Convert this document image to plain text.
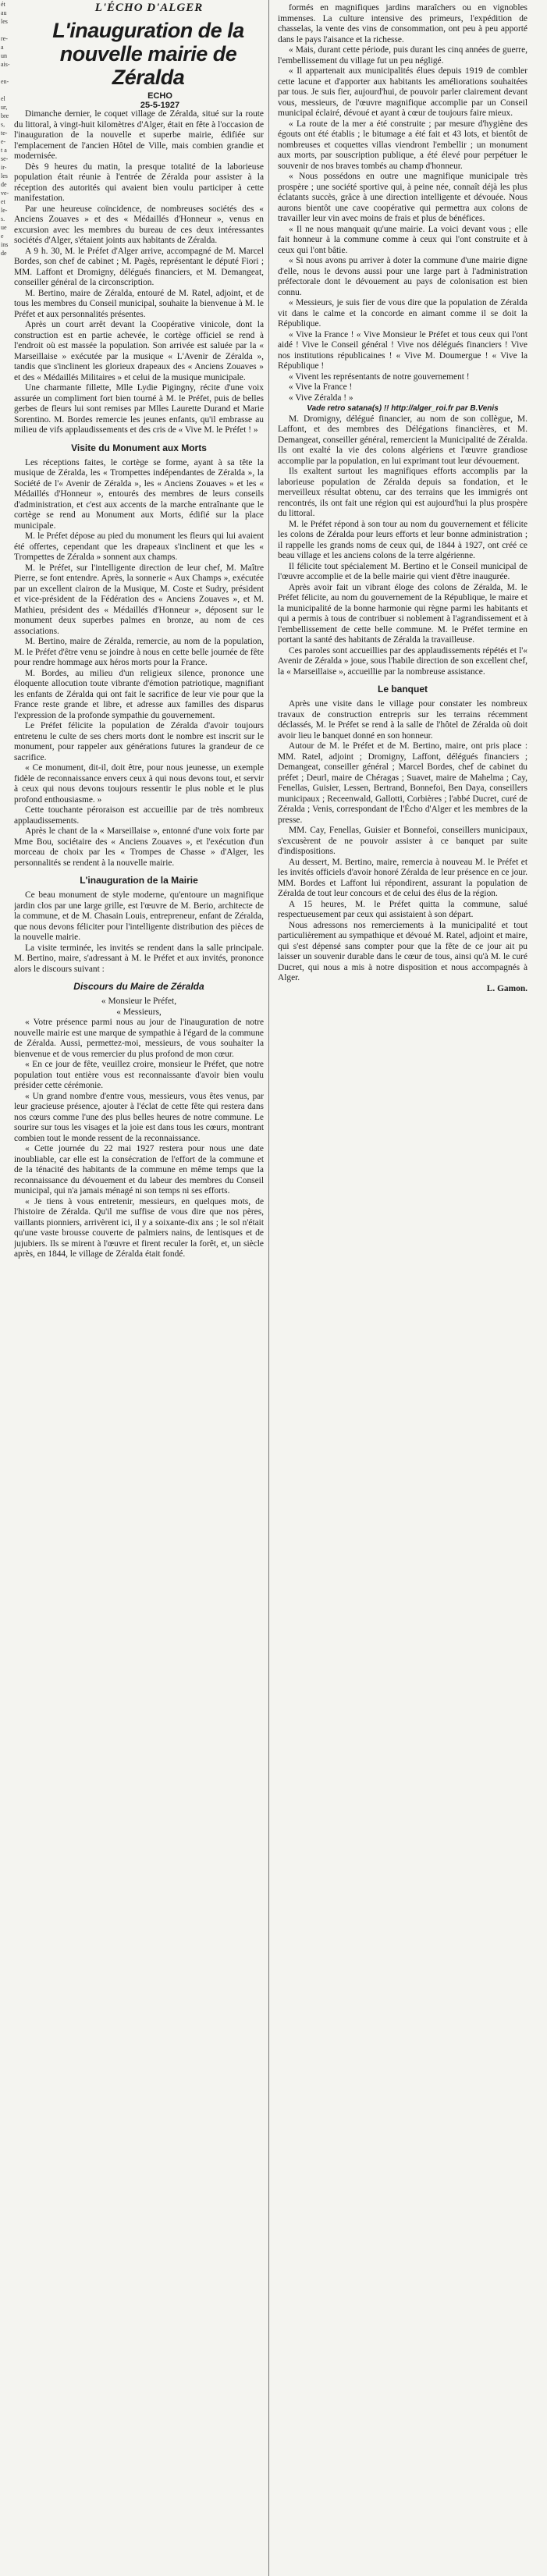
ét
au
les

re-
a
un
ais-

en-

el
ur,
bre
s,
te-
e-
t a
se-
ir-
les
de
ve-
et
le-
s.
ue
e
ins
de
L'ÉCHO D'ALGER
L'inauguration de la nouvelle mairie de Zéralda
ECHO
25-5-1927

Dimanche dernier, le coquet village de Zéralda, situé sur la route du littoral, à vingt-huit kilomètres d'Alger, était en fête à l'occasion de l'inauguration de la nouvelle et superbe mairie, édifiée sur l'emplacement de l'ancien Hôtel de Ville, mais combien grandie et modernisée.

Dès 9 heures du matin, la presque totalité de la laborieuse population était réunie à l'entrée de Zéralda pour assister à la réception des autorités qui avaient bien voulu participer à cette manifestation.

Par une heureuse coïncidence, de nombreuses sociétés des « Anciens Zouaves » et des « Médaillés d'Honneur », venus en excursion avec les membres du bureau de ces deux intéressantes sociétés d'Alger, s'étaient joints aux habitants de Zéralda.

A 9 h. 30, M. le Préfet d'Alger arrive, accompagné de M. Marcel Bordes, son chef de cabinet ; M. Pagès, représentant le député Fiori ; MM. Laffont et Dromigny, délégués financiers, et M. Demangeat, conseiller général de la circonscription.

M. Bertino, maire de Zéralda, entouré de M. Ratel, adjoint, et de tous les membres du Conseil municipal, souhaite la bienvenue à M. le Préfet et aux personnalités présentes.

Après un court arrêt devant la Coopérative vinicole, dont la construction est en partie achevée, le cortège officiel se rend à l'endroit où est massée la population. Son arrivée est saluée par la « Marseillaise » exécutée par la musique « L'Avenir de Zéralda », tandis que s'inclinent les glorieux drapeaux des « Anciens Zouaves » et des « Médaillés Militaires » et celui de la musique municipale.

Une charmante fillette, Mlle Lydie Pigingny, récite d'une voix assurée un compliment fort bien tourné à M. le Préfet, puis de belles gerbes de fleurs lui sont remises par Mlles Laurette Durand et Marie Sorentino. M. Bordes remercie les jeunes enfants, qu'il embrasse au milieu de vifs applaudissements et des cris de « Vive M. le Préfet ! »

Visite du Monument aux Morts

Les réceptions faites, le cortège se forme, ayant à sa tête la musique de Zéralda, les « Trompettes indépendantes de Zéralda », la Société de l'« Avenir de Zéralda », les « Anciens Zouaves » et les « Médaillés d'Honneur », entourés des membres de leurs conseils d'administration, et c'est aux accents de la marche entraînante que le cortège se rend au Monument aux Morts, édifié sur la place municipale.

M. le Préfet dépose au pied du monument les fleurs qui lui avaient été offertes, cependant que les drapeaux s'inclinent et que les « Trompettes de Zéralda » sonnent aux champs.

M. le Préfet, sur l'intelligente direction de leur chef, M. Maître Pierre, se font entendre. Après, la sonnerie « Aux Champs », exécutée par un excellent clairon de la Musique, M. Coste et Sudry, président et vice-président de la Fédération des « Anciens Zouaves », et M. Mathieu, président des « Médaillés d'Honneur », déposent sur le monument deux superbes palmes en bronze, au nom de ces associations.

M. Bertino, maire de Zéralda, remercie, au nom de la population, M. le Préfet d'être venu se joindre à nous en cette belle journée de fête pour rendre hommage aux héros morts pour la France.

M. Bordes, au milieu d'un religieux silence, prononce une éloquente allocution toute vibrante d'émotion patriotique, magnifiant les enfants de Zéralda qui ont fait le sacrifice de leur vie pour que la France reste grande et libre, et adresse aux familles des disparus l'expression de la profonde sympathie du gouvernement.

Le Préfet félicite la population de Zéralda d'avoir toujours entretenu le culte de ses chers morts dont le nombre est inscrit sur le monument, pour rappeler aux générations futures la grandeur de ce sacrifice.

« Ce monument, dit-il, doit être, pour nous jeunesse, un exemple fidèle de reconnaissance envers ceux à qui nous devons tout, et servir à ceux qui nous devons toujours ressentir le plus noble et le plus profond enthousiasme. »

Cette touchante péroraison est accueillie par de très nombreux applaudissements.

Après le chant de la « Marseillaise », entonné d'une voix forte par Mme Bou, sociétaire des « Anciens Zouaves », et l'exécution d'un morceau de choix par les « Trompes de Chasse » d'Alger, les personnalités se rendent à la nouvelle mairie.

L'inauguration de la Mairie

Ce beau monument de style moderne, qu'entoure un magnifique jardin clos par une large grille, est l'œuvre de M. Berio, architecte de la commune, et de M. Chasain Louis, entrepreneur, enfant de Zéralda, que nous devons féliciter pour l'intelligente distribution des pièces de la nouvelle mairie.

La visite terminée, les invités se rendent dans la salle principale. M. Bertino, maire, s'adressant à M. le Préfet et aux invités, prononce alors le discours suivant :

Discours du Maire de Zéralda

« Monsieur le Préfet,

« Messieurs,

« Votre présence parmi nous au jour de l'inauguration de notre nouvelle mairie est une marque de sympathie à l'égard de la commune de Zéralda. Aussi, permettez-moi, messieurs, de vous souhaiter la bienvenue et de vous remercier du plus profond de mon cœur.

« En ce jour de fête, veuillez croire, monsieur le Préfet, que notre population tout entière vous est reconnaissante d'avoir bien voulu présider cette cérémonie.

« Un grand nombre d'entre vous, messieurs, vous êtes venus, par leur gracieuse présence, ajouter à l'éclat de cette fête qui restera dans nos cœurs comme l'une des plus belles heures de notre commune. Le sourire sur tous les visages et la joie est dans tous les cœurs, montrant combien tout le monde ressent de la reconnaissance.

« Cette journée du 22 mai 1927 restera pour nous une date inoubliable, car elle est la consécration de l'effort de la commune et de la ténacité des habitants de la commune en même temps que la reconnaissance du dévouement et du labeur des membres du Conseil municipal, qui n'a jamais ménagé ni son temps ni ses efforts.

« Je tiens à vous entretenir, messieurs, en quelques mots, de l'histoire de Zéralda. Qu'il me suffise de vous dire que nos pères, vaillants pionniers, arrivèrent ici, il y a soixante-dix ans ; le sol n'était qu'une vaste brousse couverte de palmiers nains, de lentisques et de jujubiers. Ils se mirent à l'œuvre et firent reculer la forêt, et, un siècle après, en 1844, le village de Zéralda était fondé.

formés en magnifiques jardins maraîchers ou en vignobles immenses. La culture intensive des primeurs, l'expédition de chasselas, la vente des vins de consommation, ont peu à peu apporté dans le pays l'aisance et la richesse.

« Mais, durant cette période, puis durant les cinq années de guerre, l'embellissement du village fut un peu négligé.

« Il appartenait aux municipalités élues depuis 1919 de combler cette lacune et d'apporter aux habitants les améliorations souhaitées par tous. Je suis fier, aujourd'hui, de pouvoir parler clairement devant vous, messieurs, de l'œuvre magnifique accomplie par un Conseil municipal éclairé, dévoué et ayant à cœur de toujours faire mieux.

« La route de la mer a été construite ; par mesure d'hygiène des égouts ont été établis ; le bitumage a été fait et 43 lots, et bientôt de nombreuses et coquettes villas viendront l'embellir ; un monument aux morts, par souscription publique, a été élevé pour perpétuer le souvenir de nos braves tombés au champ d'honneur.

« Nous possédons en outre une magnifique municipale très prospère ; une société sportive qui, à peine née, connaît déjà les plus éclatants succès, grâce à une direction intelligente et dévouée. Nous aurons bientôt une cave coopérative qui permettra aux colons de travailler leur vin avec moins de frais et plus de bénéfices.

« Il ne nous manquait qu'une mairie. La voici devant vous ; elle fait honneur à la commune comme à ceux qui l'ont construite et à ceux qui l'ont bâtie.

« Si nous avons pu arriver à doter la commune d'une mairie digne d'elle, nous le devons aussi pour une large part à l'administration préfectorale dont le dévouement au pays de colonisation est bien connu.

« Messieurs, je suis fier de vous dire que la population de Zéralda vit dans le calme et la concorde en aimant comme il se doit la République.

« Vive la France ! « Vive Monsieur le Préfet et tous ceux qui l'ont aidé ! Vive le Conseil général ! Vive nos délégués financiers ! Vive nos institutions républicaines ! « Vive M. Doumergue ! « Vive la République !

« Vivent les représentants de notre gouvernement !

« Vive la France !

« Vive Zéralda ! »

Vade retro satana(s) !! http://alger_roi.fr par B.Venis

M. Dromigny, délégué financier, au nom de son collègue, M. Laffont, et des membres des Délégations financières, et M. Demangeat, conseiller général, remercient la Municipalité de Zéralda. Ils ont exalté la vie des colons algériens et l'œuvre grandiose accomplie par la population, en lui exprimant tout leur dévouement.

Ils exaltent surtout les magnifiques efforts accomplis par la laborieuse population de Zéralda depuis sa fondation, et le merveilleux résultat obtenu, car des terrains que les immigrés ont rencontrés, ils ont fait une région qui est aujourd'hui la plus prospère du littoral.

M. le Préfet répond à son tour au nom du gouvernement et félicite les colons de Zéralda pour leurs efforts et leur bonne administration ; il rappelle les grands noms de ceux qui, de 1844 à 1927, ont créé ce beau village et les anciens colons de la terre algérienne.

Il félicite tout spécialement M. Bertino et le Conseil municipal de l'œuvre accomplie et de la belle mairie qui vient d'être inaugurée.

Après avoir fait un vibrant éloge des colons de Zéralda, M. le Préfet félicite, au nom du gouvernement de la République, le maire et la municipalité de la bonne harmonie qui règne parmi les habitants et qui a permis à tous de contribuer si noblement à l'agrandissement et à l'embellissement de cette belle commune. M. le Préfet termine en portant la santé des habitants de Zéralda la travailleuse.

Ces paroles sont accueillies par des applaudissements répétés et l'« Avenir de Zéralda » joue, sous l'habile direction de son excellent chef, la « Marseillaise », accueillie par la nombreuse assistance.

Le banquet

Après une visite dans le village pour constater les nombreux travaux de construction entrepris sur les terrains récemment déclassés, M. le Préfet se rend à la salle de l'hôtel de Zéralda où doit avoir lieu le banquet donné en son honneur.

Autour de M. le Préfet et de M. Bertino, maire, ont pris place : MM. Ratel, adjoint ; Dromigny, Laffont, délégués financiers ; Demangeat, conseiller général ; Marcel Bordes, chef de cabinet du préfet ; Deurl, maire de Chéragas ; Suavet, maire de Mahelma ; Cay, Fenellas, Guisier, Lessen, Bertrand, Bonnefoi, Ben Daya, conseillers municipaux ; Receenwald, Gallotti, Corbières ; l'abbé Ducret, curé de Zéralda ; Venis, correspondant de l'Écho d'Alger et les membres de la presse.

MM. Cay, Fenellas, Guisier et Bonnefoi, conseillers municipaux, s'excusèrent de ne pouvoir assister à ce banquet par suite d'indispositions.

Au dessert, M. Bertino, maire, remercia à nouveau M. le Préfet et les invités officiels d'avoir honoré Zéralda de leur présence en ce jour. MM. Bordes et Laffont lui répondirent, assurant la population de Zéralda de tout leur concours et de celui des élus de la région.

A 15 heures, M. le Préfet quitta la commune, salué respectueusement par ceux qui assistaient à son départ.

Nous adressons nos remerciements à la municipalité et tout particulièrement au sympathique et dévoué M. Ratel, adjoint et maire, qui s'est dépensé sans compter pour que la fête de ce jour ait pu laisser un souvenir durable dans le cœur de tous, ainsi qu'à M. le curé Ducret, qui nous a mis à notre disposition et nous accompagnés à Alger.

L. Gamon.
